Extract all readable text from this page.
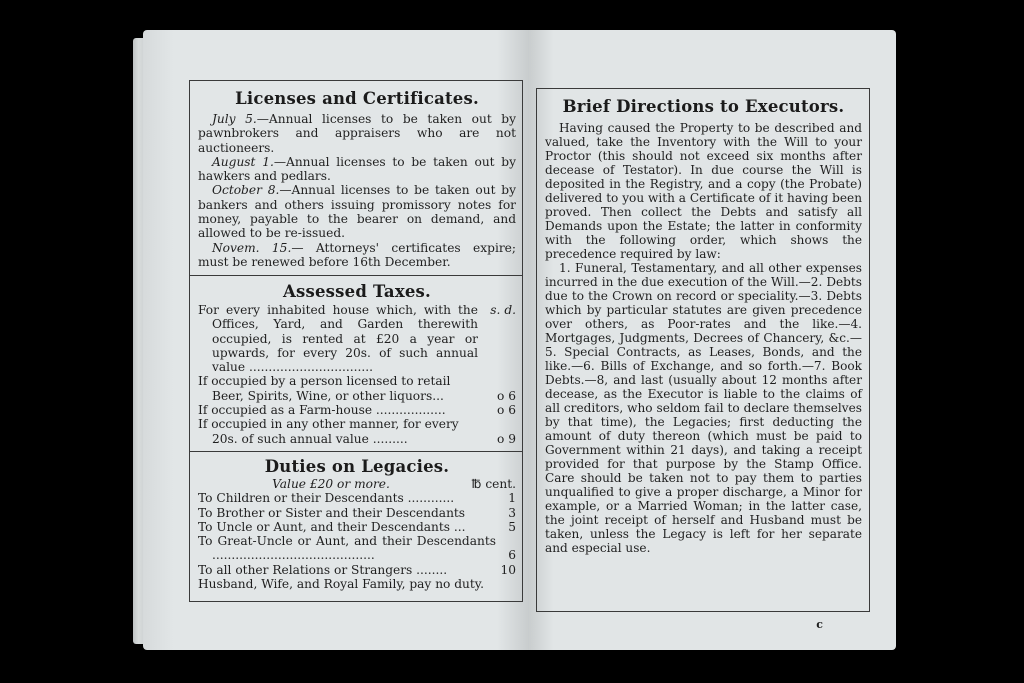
Licenses and Certificates.

July 5.—Annual licenses to be taken out by pawnbrokers and appraisers who are not auctioneers.

August 1.—Annual licenses to be taken out by hawkers and pedlars.

October 8.—Annual licenses to be taken out by bankers and others issuing promissory notes for money, payable to the bearer on demand, and allowed to be re-issued.

Novem. 15.— Attorneys' certificates expire; must be renewed before 16th December.

Assessed Taxes.
For every inhabited house which, with the Offices, Yard, and Garden therewith occupied, is rented at £20 a year or upwards, for every 20s. of such annual value ................................
s. d.
If occupied by a person licensed to retail Beer, Spirits, Wine, or other liquors...	o 6
If occupied as a Farm-house ..................	o 6
If occupied in any other manner, for every 20s. of such annual value .........	o 9
Duties on Legacies.
Value £20 or more.	℔ cent.
To Children or their Descendants ............	1
To Brother or Sister and their Descendants	3
To Uncle or Aunt, and their Descendants ...	5
To Great-Uncle or Aunt, and their Descendants ..........................................	6
To all other Relations or Strangers ........	10
Husband, Wife, and Royal Family, pay no duty.
Brief Directions to Executors.

Having caused the Property to be described and valued, take the Inventory with the Will to your Proctor (this should not exceed six months after decease of Testator). In due course the Will is deposited in the Registry, and a copy (the Probate) delivered to you with a Certificate of it having been proved. Then collect the Debts and satisfy all Demands upon the Estate; the latter in conformity with the following order, which shows the precedence required by law:

1. Funeral, Testamentary, and all other expenses incurred in the due execution of the Will.—2. Debts due to the Crown on record or speciality.—3. Debts which by particular statutes are given precedence over others, as Poor-rates and the like.—4. Mortgages, Judgments, Decrees of Chancery, &c.—5. Special Contracts, as Leases, Bonds, and the like.—6. Bills of Exchange, and so forth.—7. Book Debts.—8, and last (usually about 12 months after decease, as the Executor is liable to the claims of all creditors, who seldom fail to declare themselves by that time), the Legacies; first deducting the amount of duty thereon (which must be paid to Government within 21 days), and taking a receipt provided for that purpose by the Stamp Office. Care should be taken not to pay them to parties unqualified to give a proper discharge, a Minor for example, or a Married Woman; in the latter case, the joint receipt of herself and Husband must be taken, unless the Legacy is left for her separate and especial use.

c
